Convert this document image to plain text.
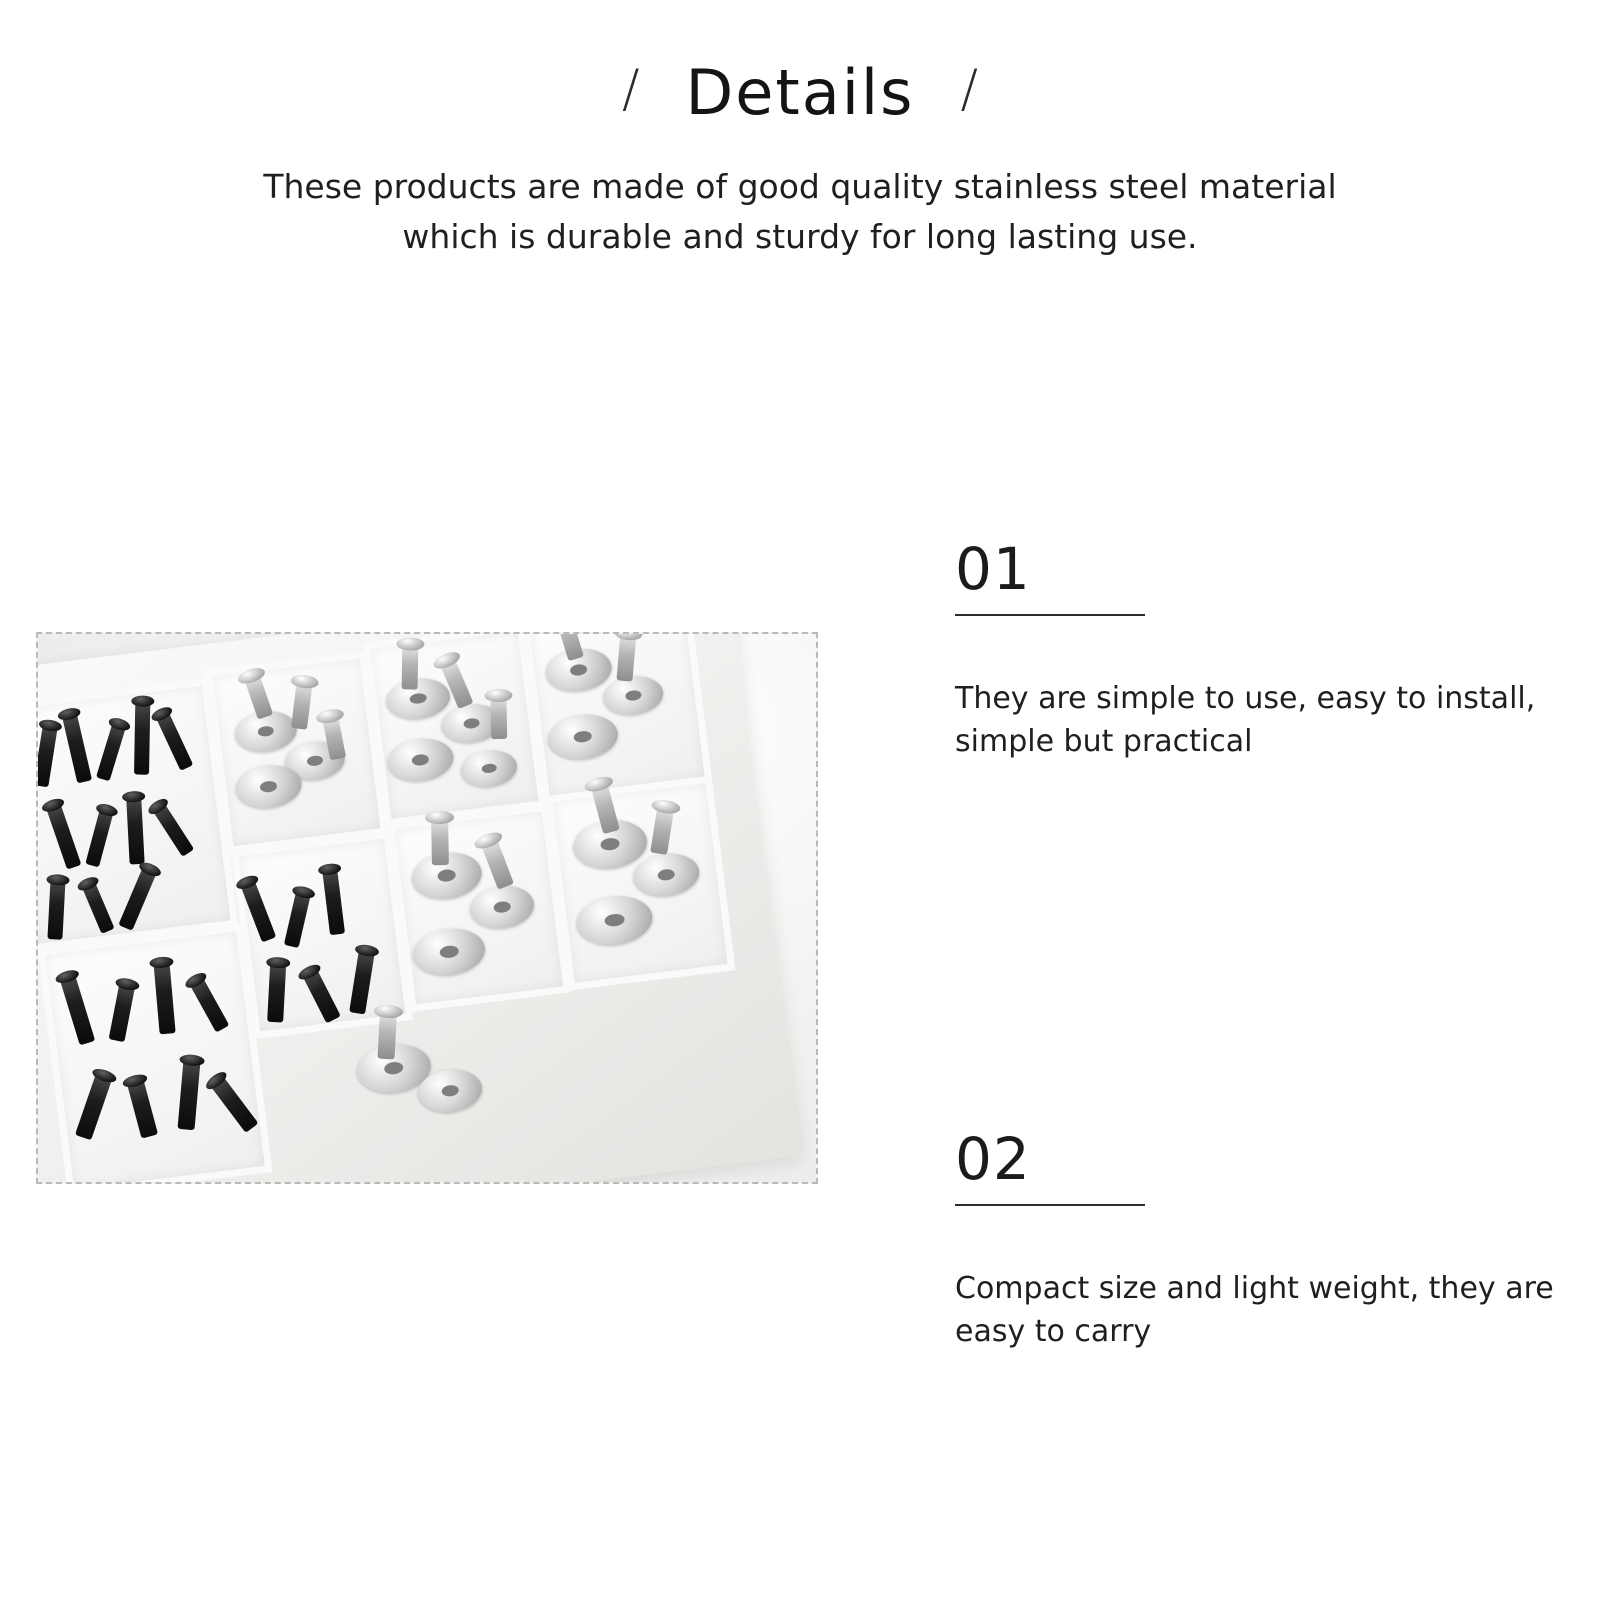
/ Details /
These products are made of good quality stainless steel material
which is durable and sturdy for long lasting use.
01
They are simple to use, easy to install, simple but practical
02
Compact size and light weight, they are easy to carry
